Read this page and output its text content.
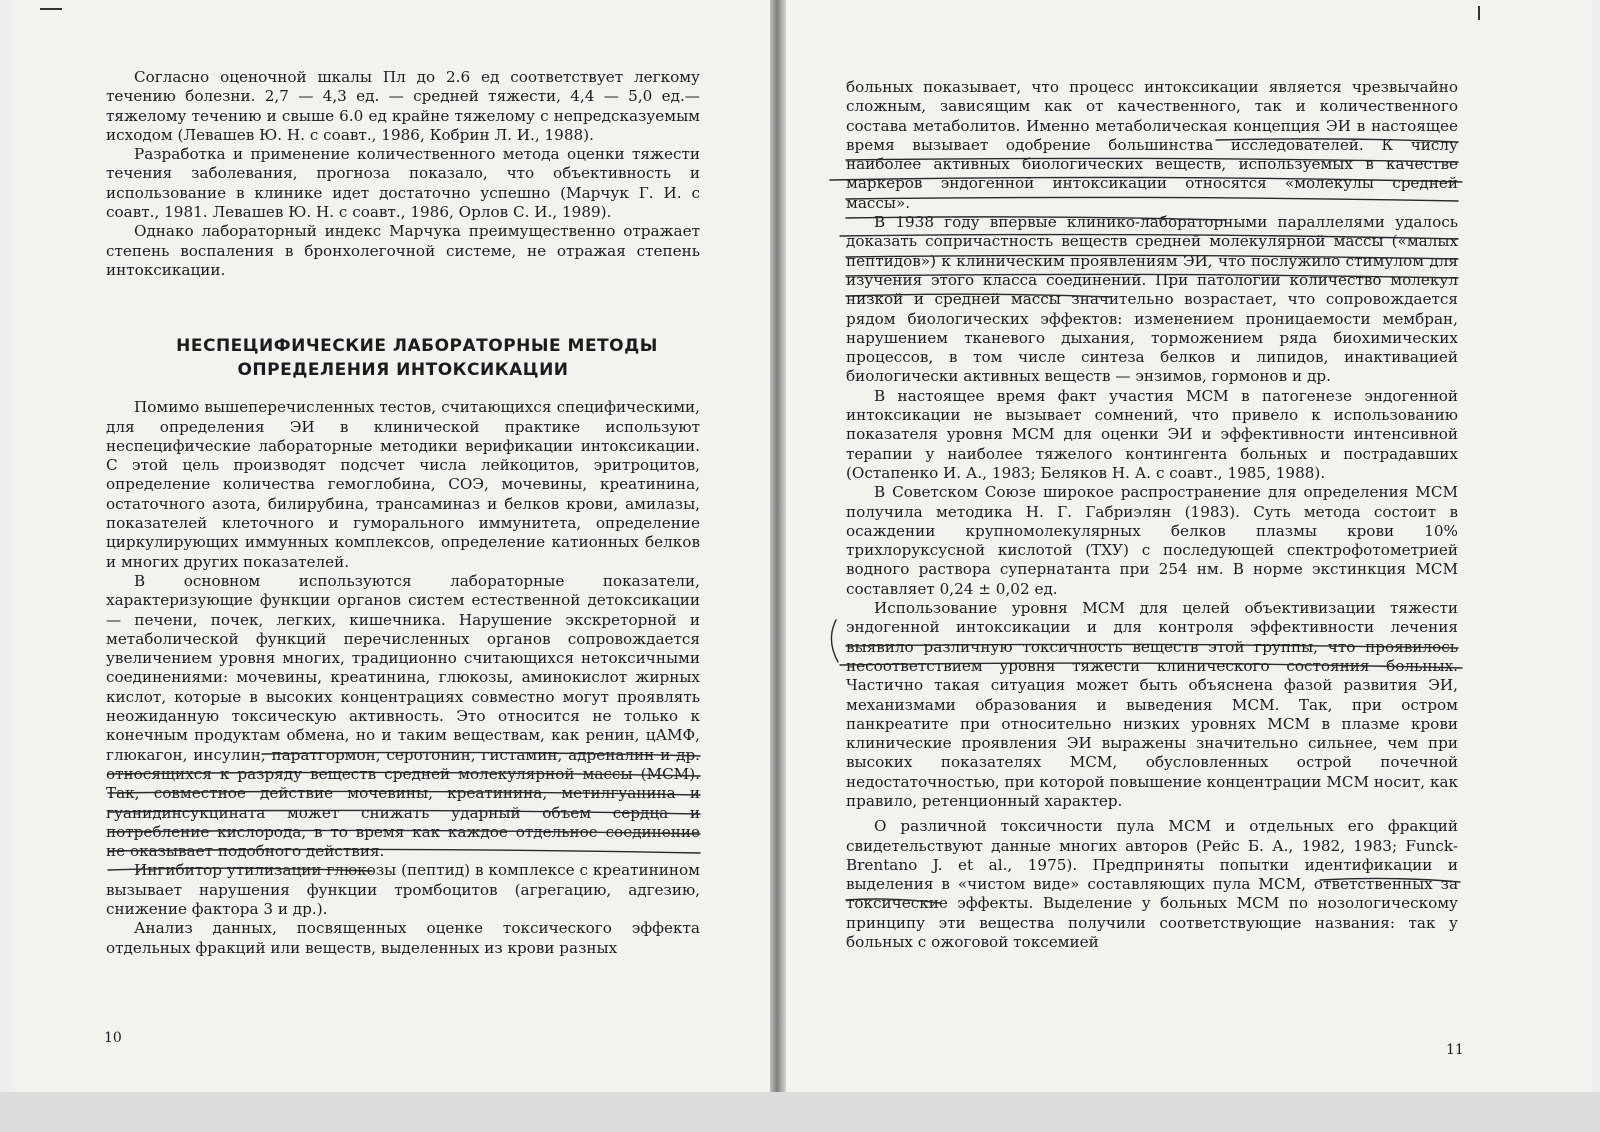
Согласно оценочной шкалы Пл до 2.6 ед соответствует легкому течению болезни. 2,7 — 4,3 ед. — средней тяжести, 4,4 — 5,0 ед.— тяжелому течению и свыше 6.0 ед крайне тяжелому с непредсказуемым исходом (Левашев Ю. Н. с соавт., 1986, Кобрин Л. И., 1988).

Разработка и применение количественного метода оценки тяжести течения заболевания, прогноза показало, что объективность и использование в клинике идет достаточно успешно (Марчук Г. И. с соавт., 1981. Левашев Ю. Н. с соавт., 1986, Орлов С. И., 1989).

Однако лабораторный индекс Марчука преимущественно отражает степень воспаления в бронхолегочной системе, не отражая степень интоксикации.

НЕСПЕЦИФИЧЕСКИЕ ЛАБОРАТОРНЫЕ МЕТОДЫ
ОПРЕДЕЛЕНИЯ ИНТОКСИКАЦИИ

Помимо вышеперечисленных тестов, считающихся специфическими, для определения ЭИ в клинической практике используют неспецифические лабораторные методики верификации интоксикации. С этой цель производят подсчет числа лейкоцитов, эритроцитов, определение количества гемоглобина, СОЭ, мочевины, креатинина, остаточного азота, билирубина, трансаминаз и белков крови, амилазы, показателей клеточного и гуморального иммунитета, определение циркулирующих иммунных комплексов, определение катионных белков и многих других показателей.

В основном используются лабораторные показатели, характеризующие функции органов систем естественной детоксикации — печени, почек, легких, кишечника. Нарушение экскреторной и метаболической функций перечисленных органов сопровождается увеличением уровня многих, традиционно считающихся нетоксичными соединениями: мочевины, креатинина, глюкозы, аминокислот жирных кислот, которые в высоких концентрациях совместно могут проявлять неожиданную токсическую активность. Это относится не только к конечным продуктам обмена, но и таким веществам, как ренин, цАМФ, глюкагон, инсулин, паратгормон, серотонин, гистамин, адреналин и др. относящихся к разряду веществ средней молекулярной массы (МСМ). Так, совместное действие мочевины, креатинина, метилгуанина и гуанидинсукцината может снижать ударный объем сердца и потребление кислорода, в то время как каждое отдельное соединение не оказывает подобного действия.

Ингибитор утилизации глюкозы (пептид) в комплексе с креатинином вызывает нарушения функции тромбоцитов (агрегацию, адгезию, снижение фактора 3 и др.).

Анализ данных, посвященных оценке токсического эффекта отдельных фракций или веществ, выделенных из крови разных

10

больных показывает, что процесс интоксикации является чрезвычайно сложным, зависящим как от качественного, так и количественного состава метаболитов. Именно метаболическая концепция ЭИ в настоящее время вызывает одобрение большинства исследователей. К числу наиболее активных биологических веществ, используемых в качестве маркеров эндогенной интоксикации относятся «молекулы средней массы».

В 1938 году впервые клинико-лабораторными параллелями удалось доказать сопричастность веществ средней молекулярной массы («малых пептидов») к клиническим проявлениям ЭИ, что послужило стимулом для изучения этого класса соединений. При патологии количество молекул низкой и средней массы значительно возрастает, что сопровождается рядом биологических эффектов: изменением проницаемости мембран, нарушением тканевого дыхания, торможением ряда биохимических процессов, в том числе синтеза белков и липидов, инактивацией биологически активных веществ — энзимов, гормонов и др.

В настоящее время факт участия МСМ в патогенезе эндогенной интоксикации не вызывает сомнений, что привело к использованию показателя уровня МСМ для оценки ЭИ и эффективности интенсивной терапии у наиболее тяжелого контингента больных и пострадавших (Остапенко И. А., 1983; Беляков Н. А. с соавт., 1985, 1988).

В Советском Союзе широкое распространение для определения МСМ получила методика Н. Г. Габриэлян (1983). Суть метода состоит в осаждении крупномолекулярных белков плазмы крови 10% трихлоруксусной кислотой (ТХУ) с последующей спектрофотометрией водного раствора супернатанта при 254 нм. В норме экстинкция МСМ составляет 0,24 ± 0,02 ед.

Использование уровня МСМ для целей объективизации тяжести эндогенной интоксикации и для контроля эффективности лечения выявило различную токсичность веществ этой группы, что проявилось несоответствием уровня тяжести клинического состояния больных. Частично такая ситуация может быть объяснена фазой развития ЭИ, механизмами образования и выведения МСМ. Так, при остром панкреатите при относительно низких уровнях МСМ в плазме крови клинические проявления ЭИ выражены значительно сильнее, чем при высоких показателях МСМ, обусловленных острой почечной недостаточностью, при которой повышение концентрации МСМ носит, как правило, ретенционный характер.

О различной токсичности пула МСМ и отдельных его фракций свидетельствуют данные многих авторов (Рейс Б. А., 1982, 1983; Funck-Brentano J. et al., 1975). Предприняты попытки идентификации и выделения в «чистом виде» составляющих пула МСМ, ответственных за токсические эффекты. Выделение у больных МСМ по нозологическому принципу эти вещества получили соответствующие названия: так у больных с ожоговой токсемией

11
